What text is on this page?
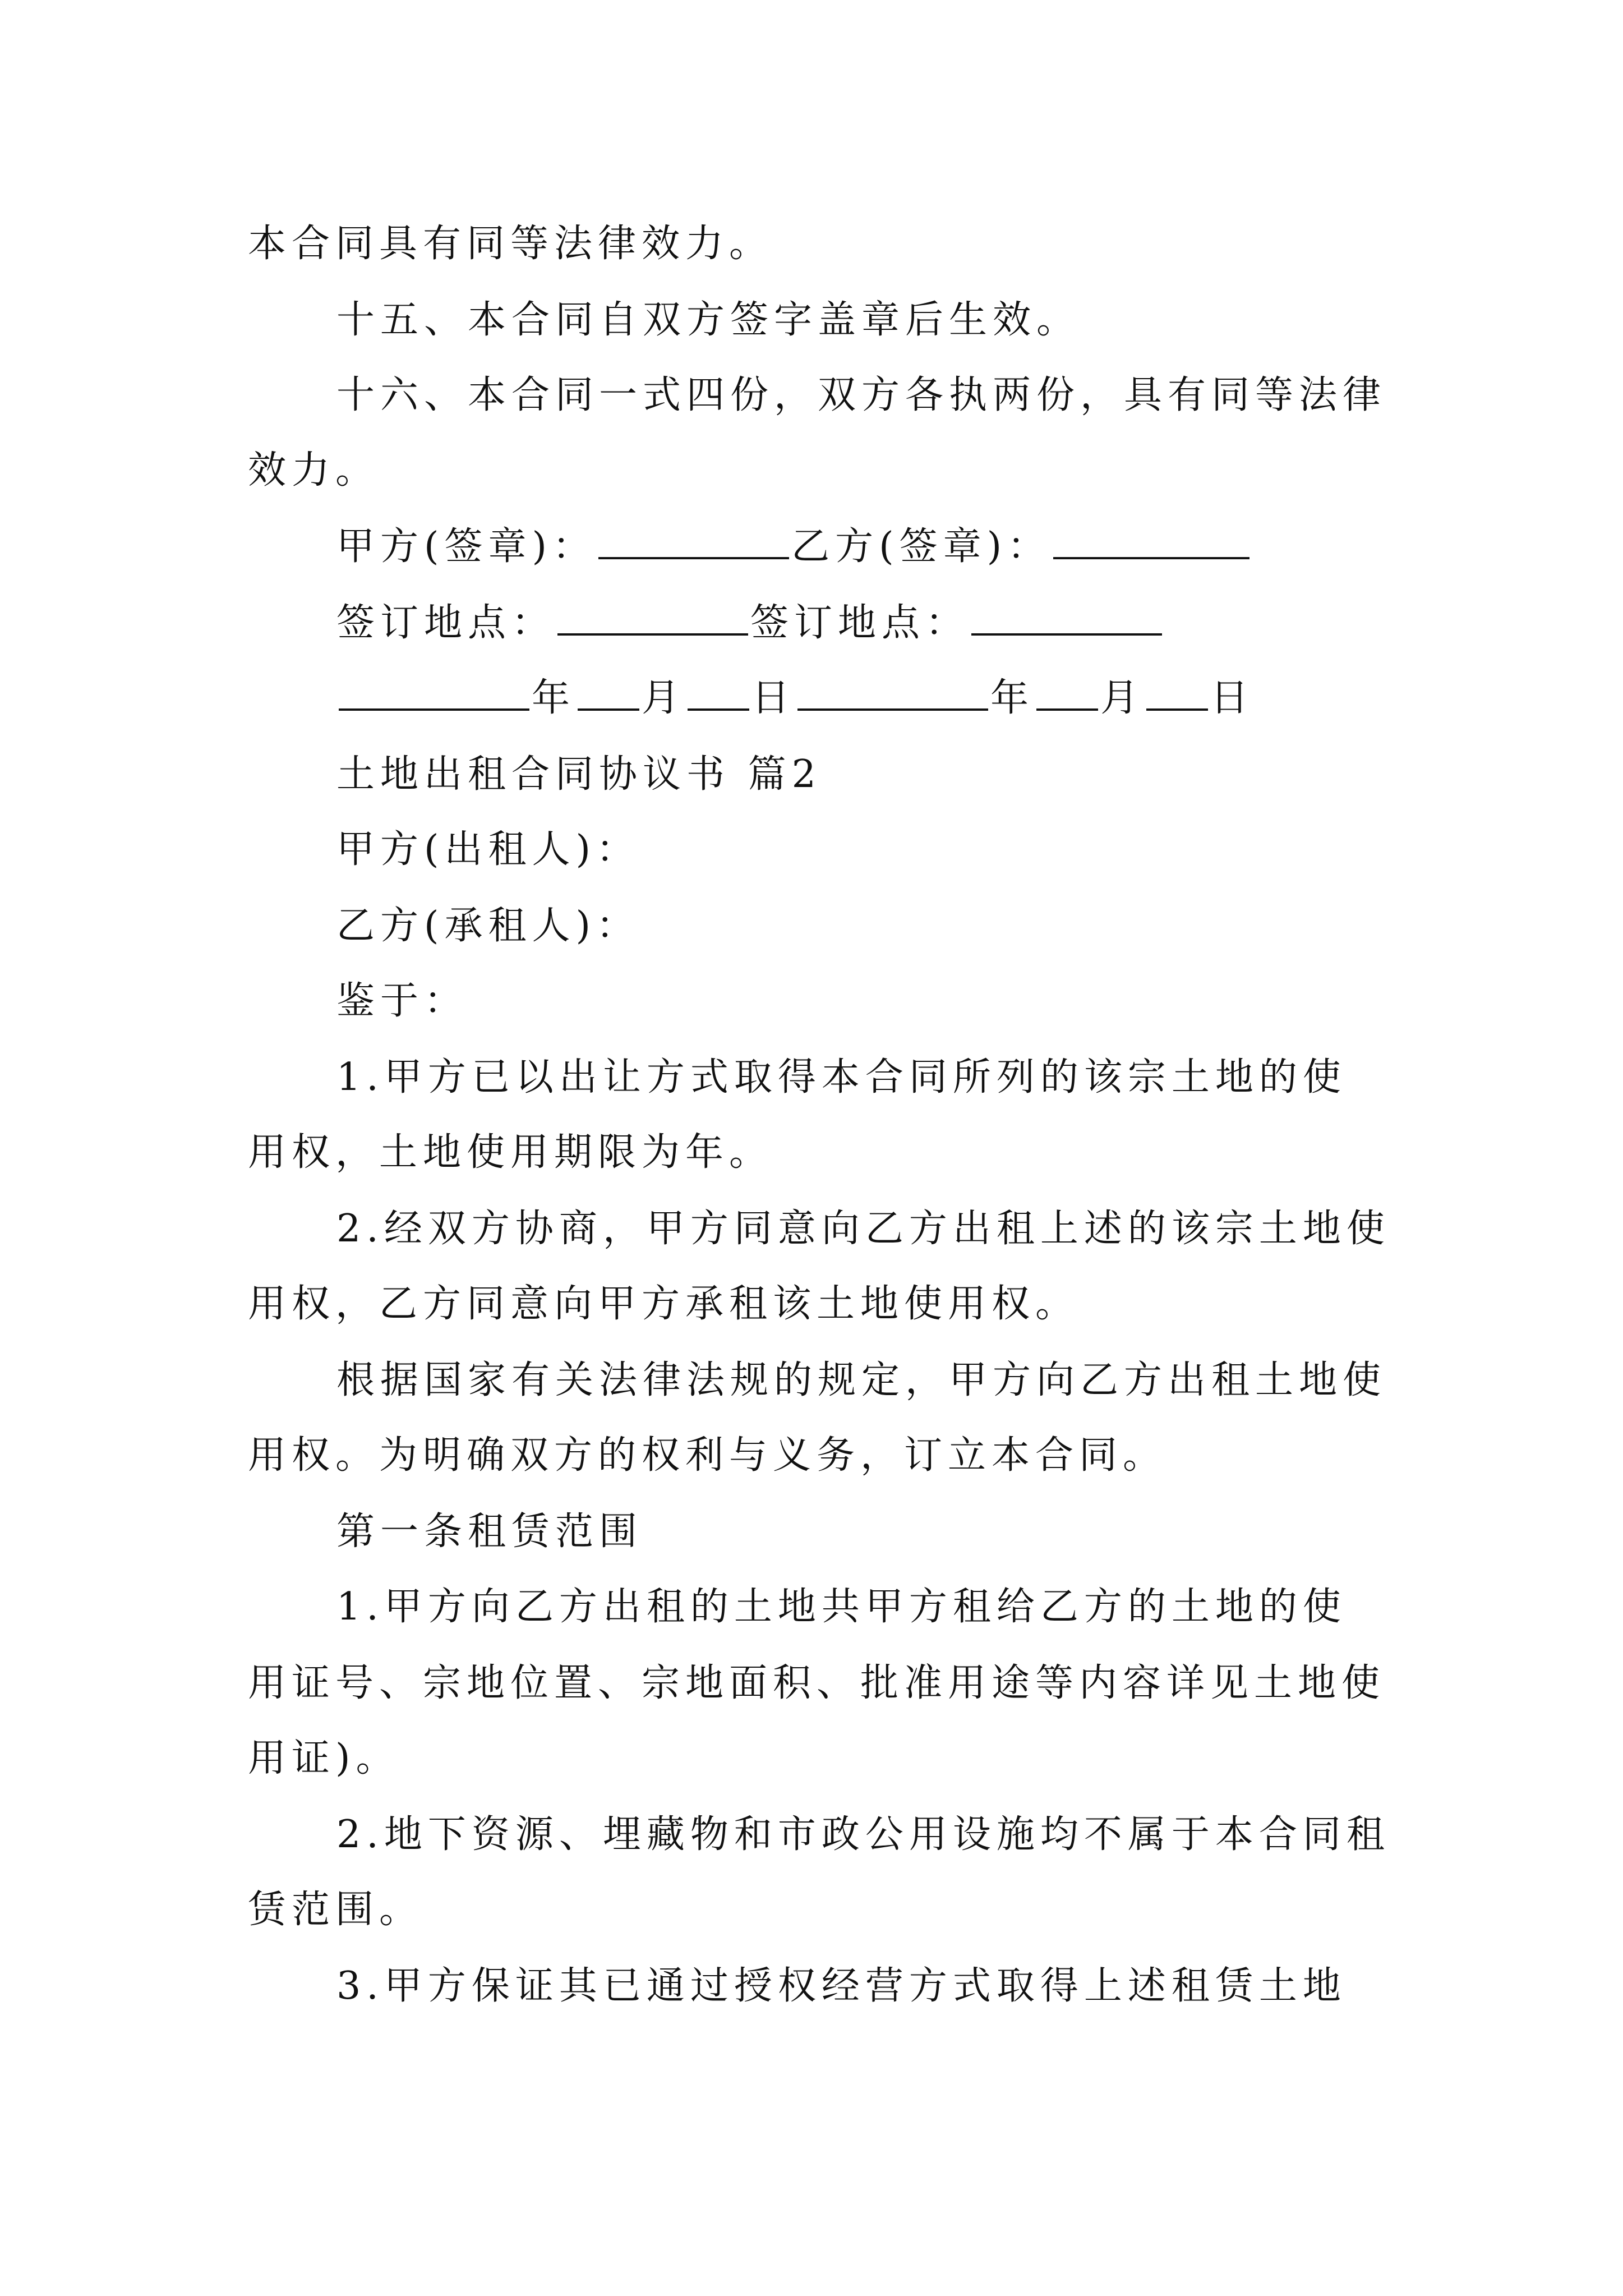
本合同具有同等法律效力。
十五、本合同自双方签字盖章后生效。
十六、本合同一式四份，双方各执两份，具有同等法律
效力。
甲方(签章)：	乙方(签章)：
签订地点：	签订地点：
年 月 日	年 月 日
土地出租合同协议书 篇2
甲方(出租人)：
乙方(承租人)：
鉴于：
1.甲方已以出让方式取得本合同所列的该宗土地的使
用权，土地使用期限为年。
2.经双方协商，甲方同意向乙方出租上述的该宗土地使
用权，乙方同意向甲方承租该土地使用权。
根据国家有关法律法规的规定，甲方向乙方出租土地使
用权。为明确双方的权利与义务，订立本合同。
第一条租赁范围
1.甲方向乙方出租的土地共甲方租给乙方的土地的使
用证号、宗地位置、宗地面积、批准用途等内容详见土地使
用证)。
2.地下资源、埋藏物和市政公用设施均不属于本合同租
赁范围。
3.甲方保证其已通过授权经营方式取得上述租赁土地
